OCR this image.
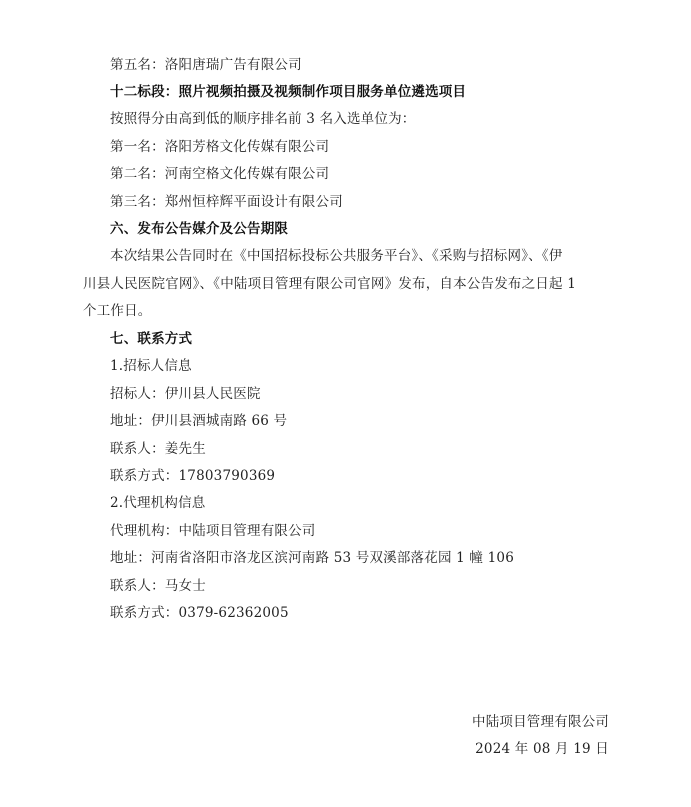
第五名：洛阳唐瑞广告有限公司
十二标段：照片视频拍摄及视频制作项目服务单位遴选项目
按照得分由高到低的顺序排名前 3 名入选单位为：
第一名：洛阳芳格文化传媒有限公司
第二名：河南空格文化传媒有限公司
第三名：郑州恒梓辉平面设计有限公司
六、发布公告媒介及公告期限
本次结果公告同时在《中国招标投标公共服务平台》、《采购与招标网》、《伊
川县人民医院官网》、《中陆项目管理有限公司官网》发布，自本公告发布之日起 1
个工作日。
七、联系方式
1.招标人信息
招标人：伊川县人民医院
地址：伊川县酒城南路 66 号
联系人：姜先生
联系方式：17803790369
2.代理机构信息
代理机构：中陆项目管理有限公司
地址：河南省洛阳市洛龙区滨河南路 53 号双溪部落花园 1 幢 106
联系人：马女士
联系方式：0379-62362005
中陆项目管理有限公司
2024 年 08 月 19 日
